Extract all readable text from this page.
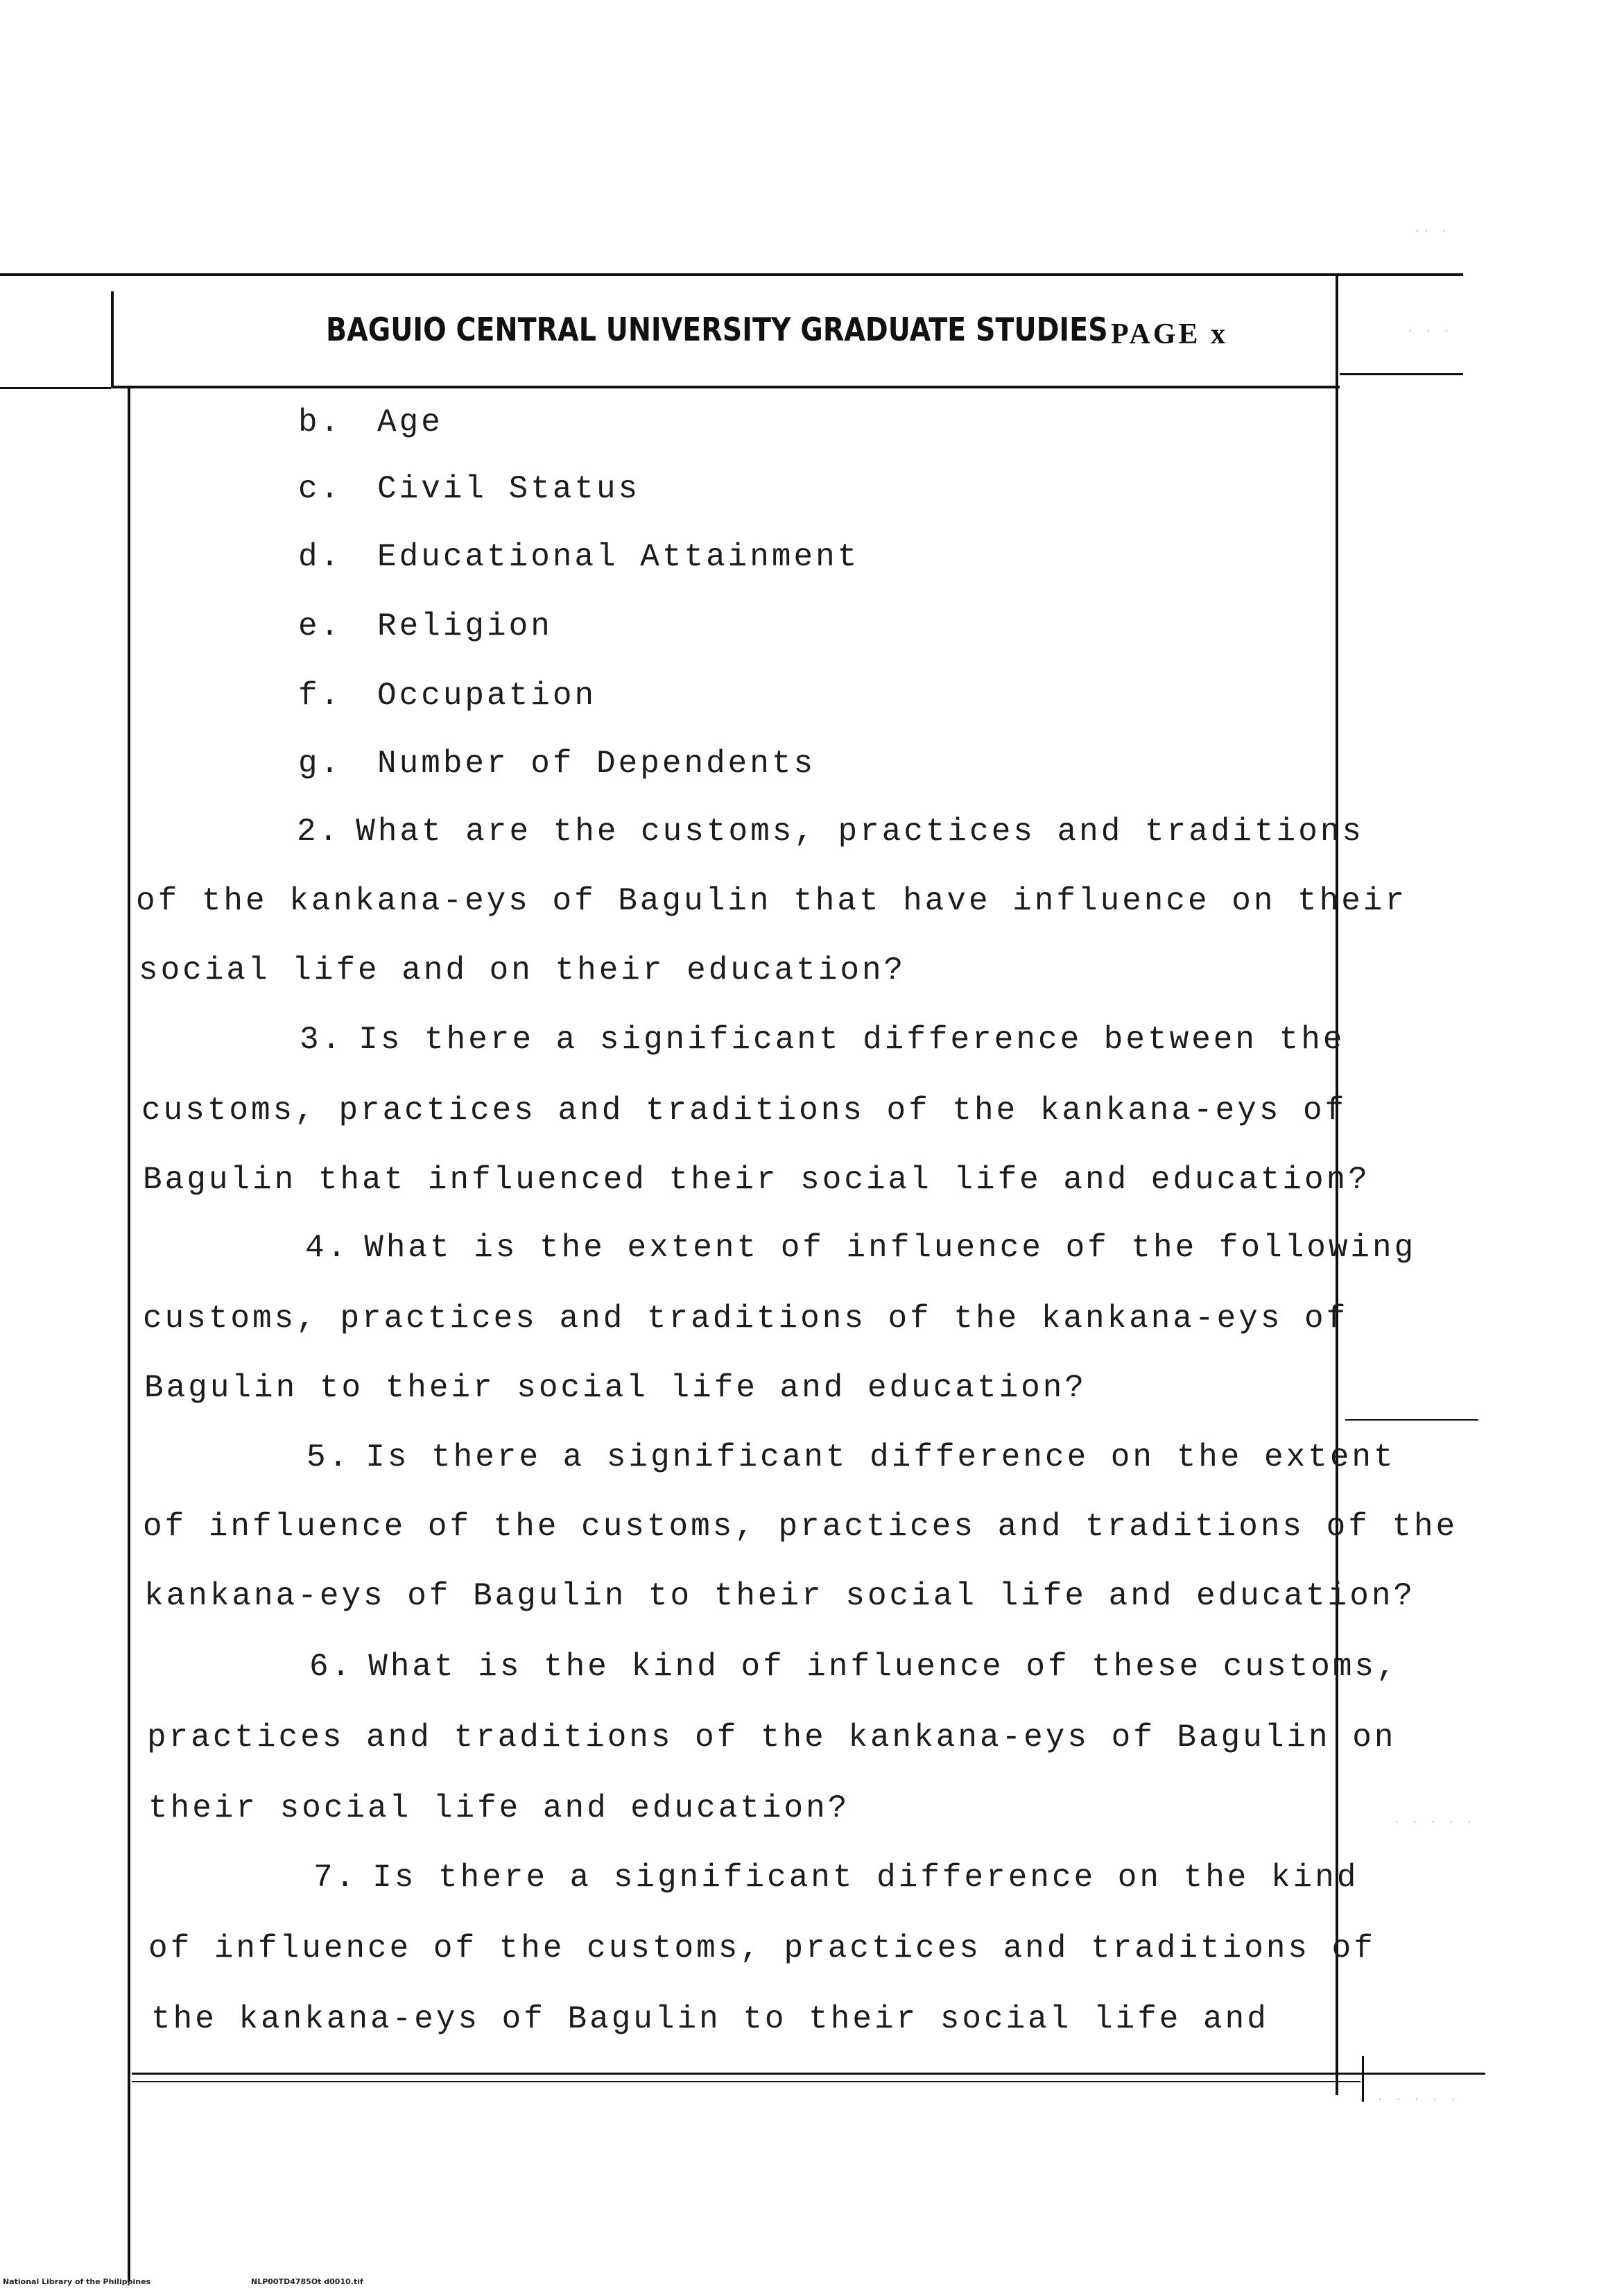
BAGUIO CENTRAL UNIVERSITY GRADUATE STUDIES PAGE x
b. Age
c. Civil Status
d. Educational Attainment
e. Religion
f. Occupation
g. Number of Dependents
2. What are the customs, practices and traditions
of the kankana-eys of Bagulin that have influence on their
social life and on their education?
3. Is there a significant difference between the
customs, practices and traditions of the kankana-eys of
Bagulin that influenced their social life and education?
4. What is the extent of influence of the following
customs, practices and traditions of the kankana-eys of
Bagulin to their social life and education?
5. Is there a significant difference on the extent
of influence of the customs, practices and traditions of the
kankana-eys of Bagulin to their social life and education?
6. What is the kind of influence of these customs,
practices and traditions of the kankana-eys of Bagulin on
their social life and education?
7. Is there a significant difference on the kind
of influence of the customs, practices and traditions of
the kankana-eys of Bagulin to their social life and
·· ·
· · ·
· · · · ·
· · · · · ·
National Library of the Philippines	NLP00TD4785Ot d0010.tif
